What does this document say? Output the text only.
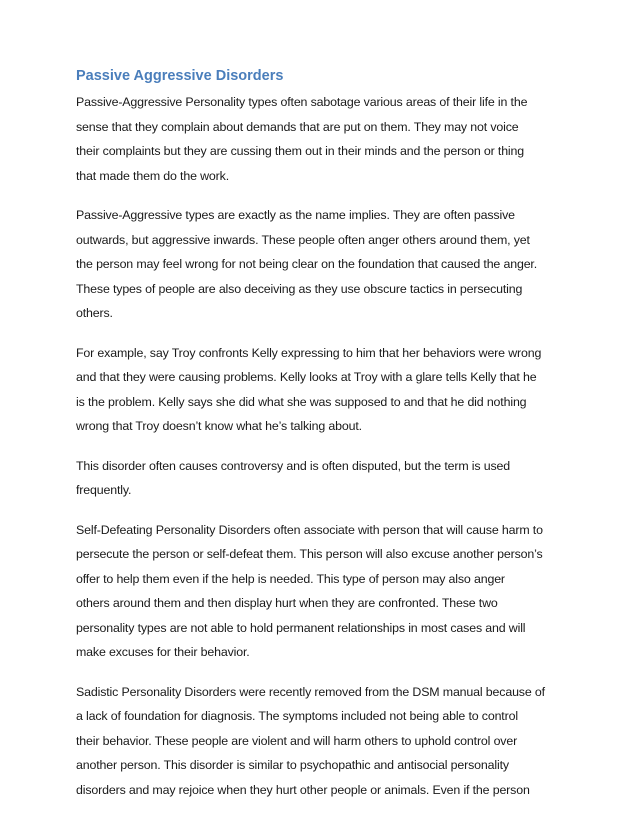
Passive Aggressive Disorders
Passive-Aggressive Personality types often sabotage various areas of their life in the
sense that they complain about demands that are put on them. They may not voice
their complaints but they are cussing them out in their minds and the person or thing
that made them do the work.
Passive-Aggressive types are exactly as the name implies. They are often passive
outwards, but aggressive inwards. These people often anger others around them, yet
the person may feel wrong for not being clear on the foundation that caused the anger.
These types of people are also deceiving as they use obscure tactics in persecuting
others.
For example, say Troy confronts Kelly expressing to him that her behaviors were wrong
and that they were causing problems. Kelly looks at Troy with a glare tells Kelly that he
is the problem. Kelly says she did what she was supposed to and that he did nothing
wrong that Troy doesn’t know what he’s talking about.
This disorder often causes controversy and is often disputed, but the term is used
frequently.
Self-Defeating Personality Disorders often associate with person that will cause harm to
persecute the person or self-defeat them. This person will also excuse another person’s
offer to help them even if the help is needed. This type of person may also anger
others around them and then display hurt when they are confronted. These two
personality types are not able to hold permanent relationships in most cases and will
make excuses for their behavior.
Sadistic Personality Disorders were recently removed from the DSM manual because of
a lack of foundation for diagnosis. The symptoms included not being able to control
their behavior. These people are violent and will harm others to uphold control over
another person. This disorder is similar to psychopathic and antisocial personality
disorders and may rejoice when they hurt other people or animals. Even if the person
